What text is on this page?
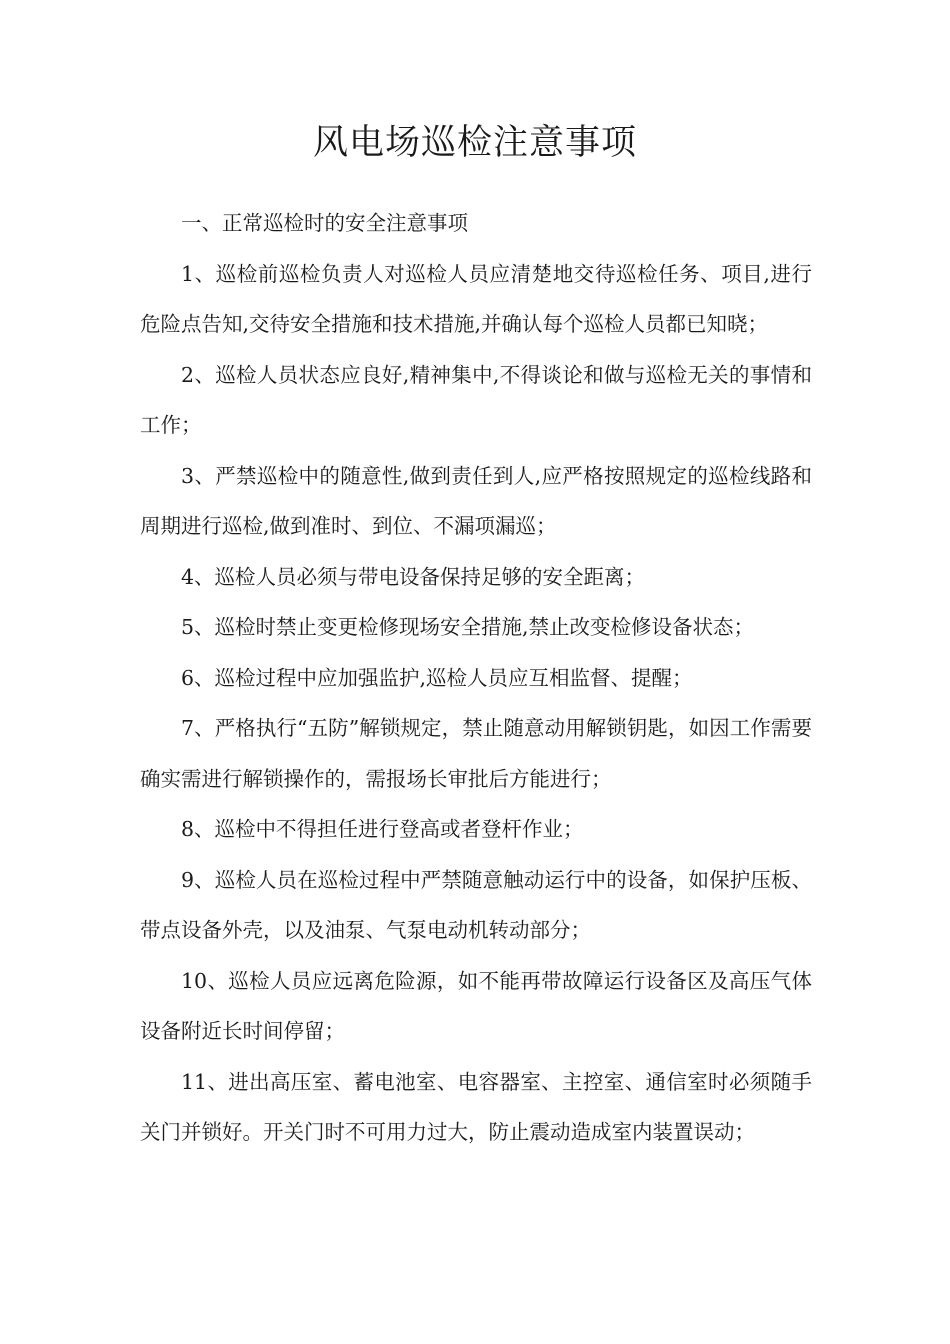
风电场巡检注意事项

一、正常巡检时的安全注意事项

1、巡检前巡检负责人对巡检人员应清楚地交待巡检任务、项目,进行危险点告知,交待安全措施和技术措施,并确认每个巡检人员都已知晓；

2、巡检人员状态应良好,精神集中,不得谈论和做与巡检无关的事情和工作；

3、严禁巡检中的随意性,做到责任到人,应严格按照规定的巡检线路和周期进行巡检,做到准时、到位、不漏项漏巡；

4、巡检人员必须与带电设备保持足够的安全距离；

5、巡检时禁止变更检修现场安全措施,禁止改变检修设备状态；

6、巡检过程中应加强监护,巡检人员应互相监督、提醒；

7、严格执行“五防”解锁规定，禁止随意动用解锁钥匙，如因工作需要确实需进行解锁操作的，需报场长审批后方能进行；

8、巡检中不得担任进行登高或者登杆作业；

9、巡检人员在巡检过程中严禁随意触动运行中的设备，如保护压板、带点设备外壳，以及油泵、气泵电动机转动部分；

10、巡检人员应远离危险源，如不能再带故障运行设备区及高压气体设备附近长时间停留；

11、进出高压室、蓄电池室、电容器室、主控室、通信室时必须随手关门并锁好。开关门时不可用力过大，防止震动造成室内装置误动；
